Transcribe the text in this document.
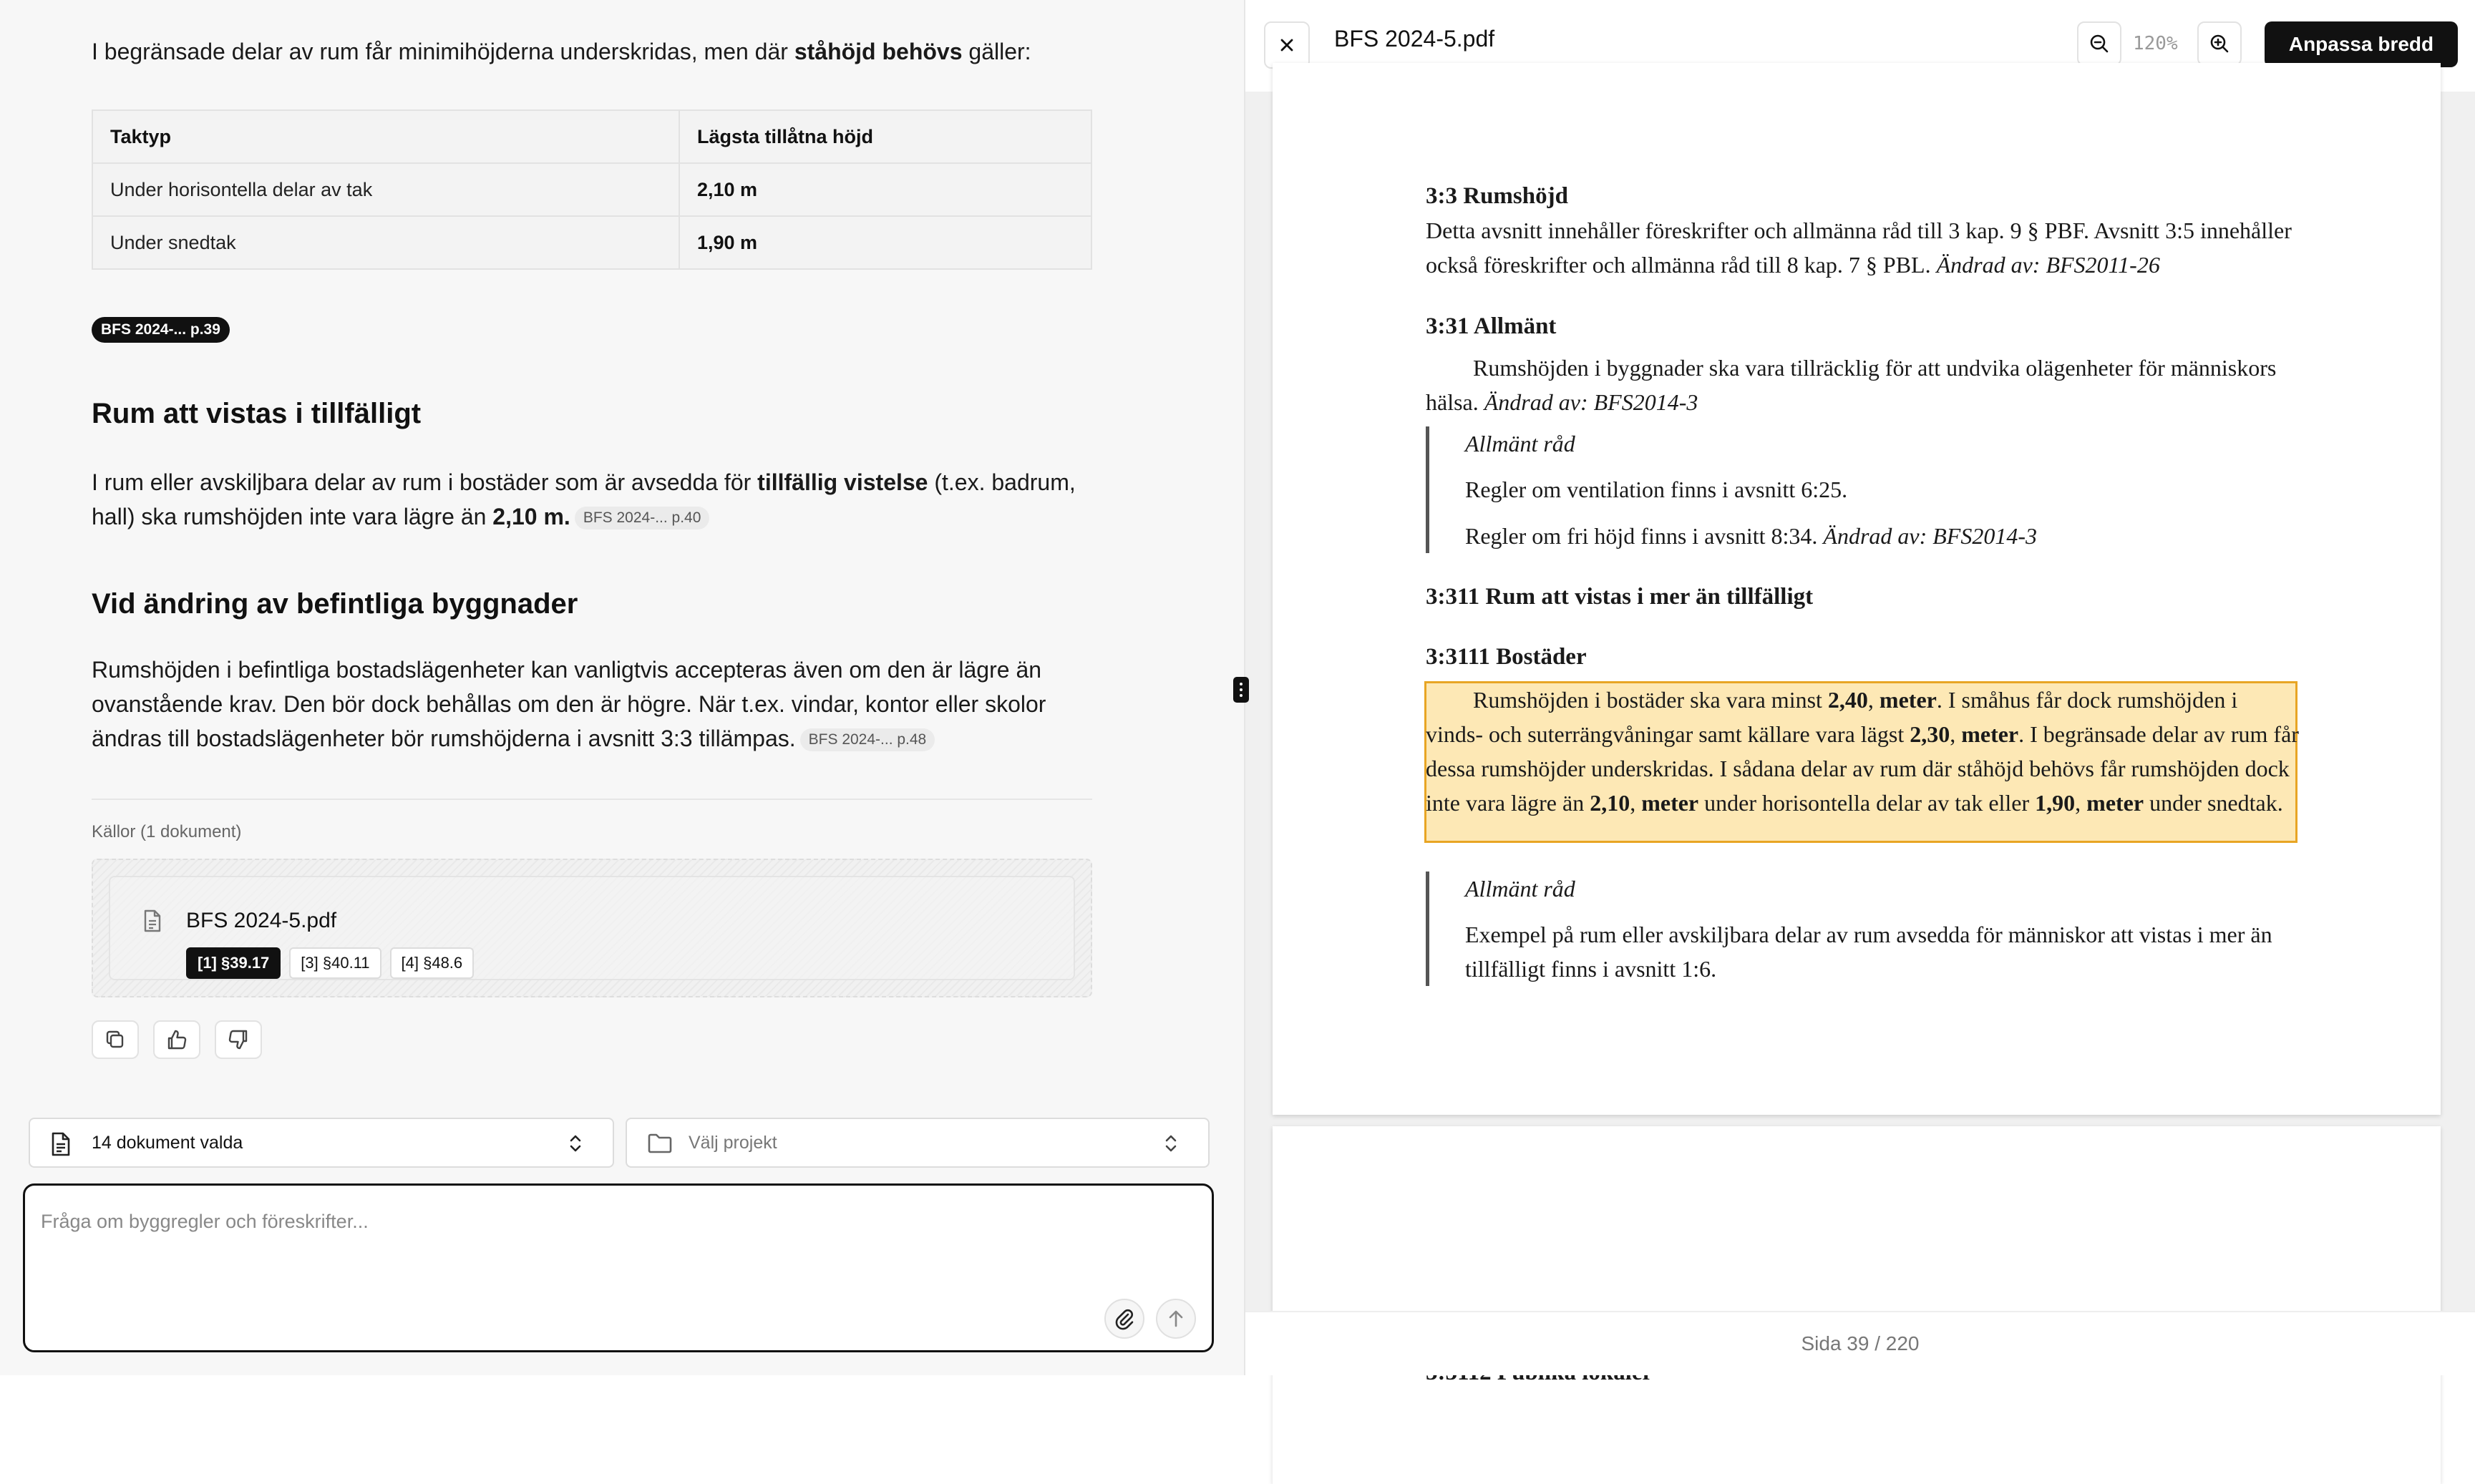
I begränsade delar av rum får minimihöjderna underskridas, men där ståhöjd behövs gäller:
Taktyp	Lägsta tillåtna höjd
Under horisontella delar av tak	2,10 m
Under snedtak	1,90 m
BFS 2024-... p.39
Rum att vistas i tillfälligt
I rum eller avskiljbara delar av rum i bostäder som är avsedda för tillfällig vistelse (t.ex. badrum, hall) ska rumshöjden inte vara lägre än 2,10 m. BFS 2024-... p.40
Vid ändring av befintliga byggnader
Rumshöjden i befintliga bostadslägenheter kan vanligtvis accepteras även om den är lägre än ovanstående krav. Den bör dock behållas om den är högre. När t.ex. vindar, kontor eller skolor ändras till bostadslägenheter bör rumshöjderna i avsnitt 3:3 tillämpas. BFS 2024-... p.48
Källor (1 dokument)
BFS 2024-5.pdf
[1] §39.17	[3] §40.11	[4] §48.6
14 dokument valda	Välj projekt
Fråga om byggregler och föreskrifter...
BFS 2024-5.pdf	120%	Anpassa bredd
3:3 Rumshöjd
Detta avsnitt innehåller föreskrifter och allmänna råd till 3 kap. 9 § PBF. Avsnitt 3:5 innehåller också föreskrifter och allmänna råd till 8 kap. 7 § PBL. Ändrad av: BFS2011-26
3:31 Allmänt
Rumshöjden i byggnader ska vara tillräcklig för att undvika olägenheter för människors hälsa. Ändrad av: BFS2014-3
Allmänt råd
Regler om ventilation finns i avsnitt 6:25.
Regler om fri höjd finns i avsnitt 8:34. Ändrad av: BFS2014-3
3:311 Rum att vistas i mer än tillfälligt
3:3111 Bostäder
Rumshöjden i bostäder ska vara minst 2,40, meter. I småhus får dock rumshöjden i vinds- och suterrängvåningar samt källare vara lägst 2,30, meter. I begränsade delar av rum får dessa rumshöjder underskridas. I sådana delar av rum där ståhöjd behövs får rumshöjden dock inte vara lägre än 2,10, meter under horisontella delar av tak eller 1,90, meter under snedtak.
Allmänt råd
Exempel på rum eller avskiljbara delar av rum avsedda för människor att vistas i mer än tillfälligt finns i avsnitt 1:6.
Sida 39 / 220
